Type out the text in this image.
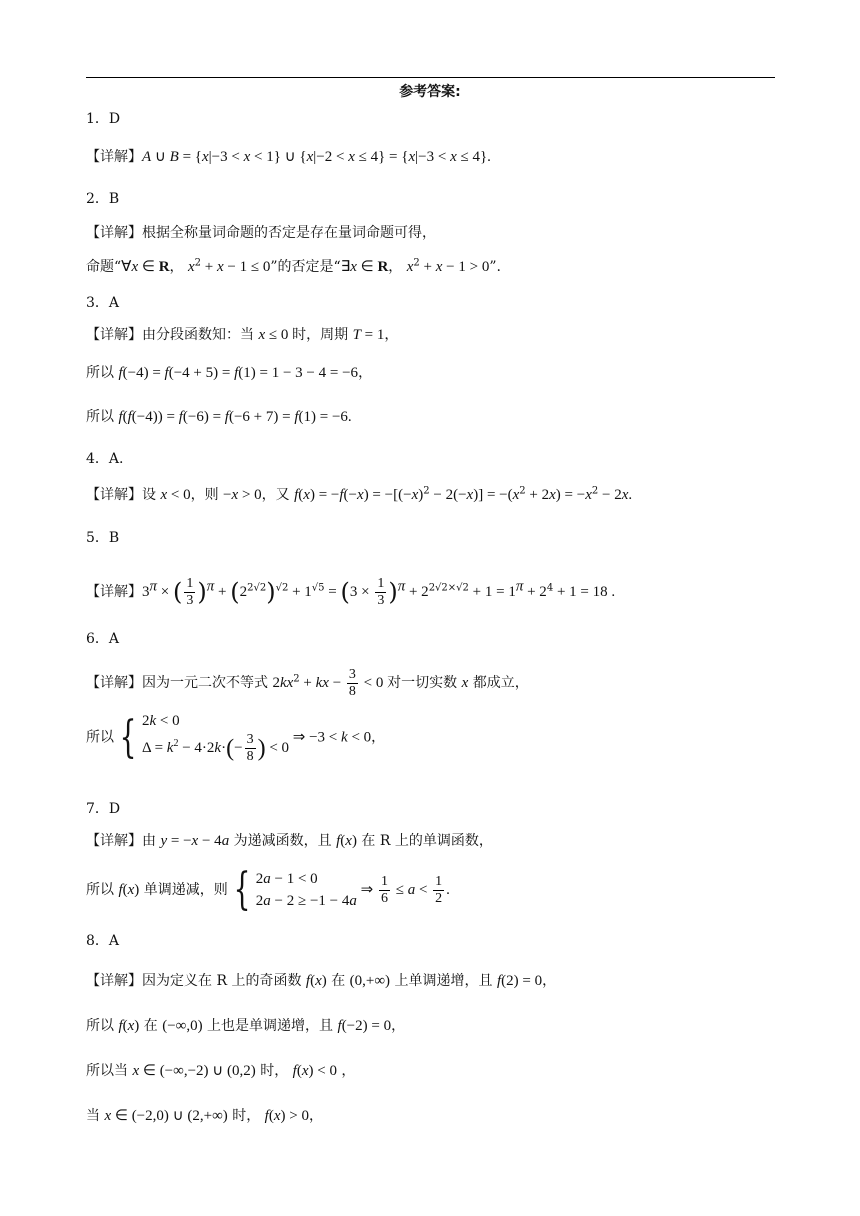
参考答案:
1．D
【详解】A ∪ B = {x|−3 < x < 1} ∪ {x|−2 < x ≤ 4} = {x|−3 < x ≤ 4}.
2．B
【详解】根据全称量词命题的否定是存在量词命题可得，
命题“∀x ∈ R， $x^2 + x - 1 \le 0$”的否定是“∃x ∈ R， $x^2 + x - 1 > 0$”.
3．A
【详解】由分段函数知：当 x ≤ 0 时，周期 T = 1，
所以 f(−4) = f(−4 + 5) = f(1) = 1 − 3 − 4 = −6，
所以 f(f(−4)) = f(−6) = f(−6 + 7) = f(1) = −6.
4．A.
【详解】设 x < 0，则 −x > 0，又 $f(x) = -f(-x) = -[(-x)^2 - 2(-x)] = -(x^2 + 2x) = -x^2 - 2x$.
5．B
【详解】$3^\pi$ × ( $\frac{1}{3} )^\pi + (2^{2√2})^{√2} + 1^{√5} = (3 \times \frac{1}{3} )^\pi + 2^{2√2\times√2} + 1 = 1^\pi + 2^4 + 1 = 18$ .
6．A
【详解】因为一元二次不等式 $2kx^2$ + kx − $\frac{3}{8} < 0$ 对一切实数 x 都成立，
所以 { 2k < 0
$\Delta = k^2 - 4\cdot 2k\cdot(- \frac{3}{8}$ ) < 0
⇒ −3 < k < 0，
7．D
【详解】由 y = −x − 4a 为递减函数，且 f(x) 在 R 上的单调函数，
所以 f(x) 单调递减，则 { 2a − 1 < 0
2a − 2 ≥ −1 − 4a
⇒ $\frac{1}{6} \le a < \frac{1}{2}$ .
8．A
【详解】因为定义在 R 上的奇函数 f(x) 在 (0,+∞) 上单调递增，且 f(2) = 0，
所以 f(x) 在 (−∞,0) 上也是单调递增，且 f(−2) = 0，
所以当 x ∈ (−∞,−2) ∪ (0,2) 时， f(x) < 0 ，
当 x ∈ (−2,0) ∪ (2,+∞) 时， f(x) > 0，
